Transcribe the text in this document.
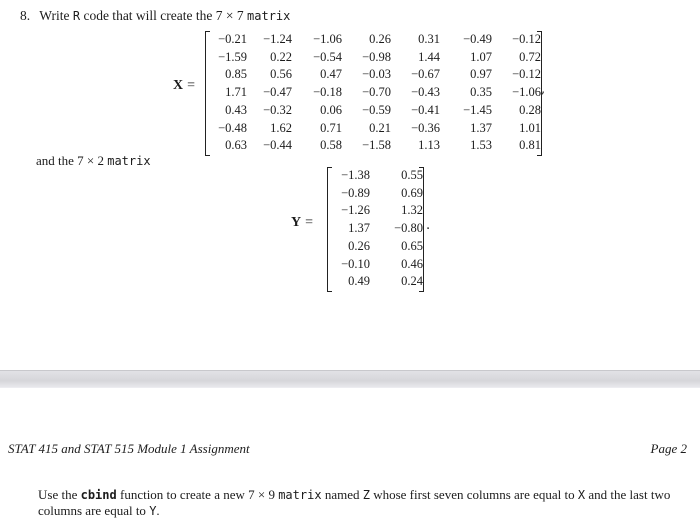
8. Write R code that will create the 7 × 7 matrix
X =
−0.21	−1.24	−1.06	0.26	0.31	−0.49	−0.12
−1.59	0.22	−0.54	−0.98	1.44	1.07	0.72
0.85	0.56	0.47	−0.03	−0.67	0.97	−0.12
1.71	−0.47	−0.18	−0.70	−0.43	0.35	−1.06
0.43	−0.32	0.06	−0.59	−0.41	−1.45	0.28
−0.48	1.62	0.71	0.21	−0.36	1.37	1.01
0.63	−0.44	0.58	−1.58	1.13	1.53	0.81
,
and the 7 × 2 matrix
Y =
−1.38	0.55
−0.89	0.69
−1.26	1.32
1.37	−0.80
0.26	0.65
−0.10	0.46
0.49	0.24
.
STAT 415 and STAT 515 Module 1 Assignment	Page 2
Use the cbind function to create a new 7 × 9 matrix named Z whose first seven columns are equal to X and the last two columns are equal to Y.
